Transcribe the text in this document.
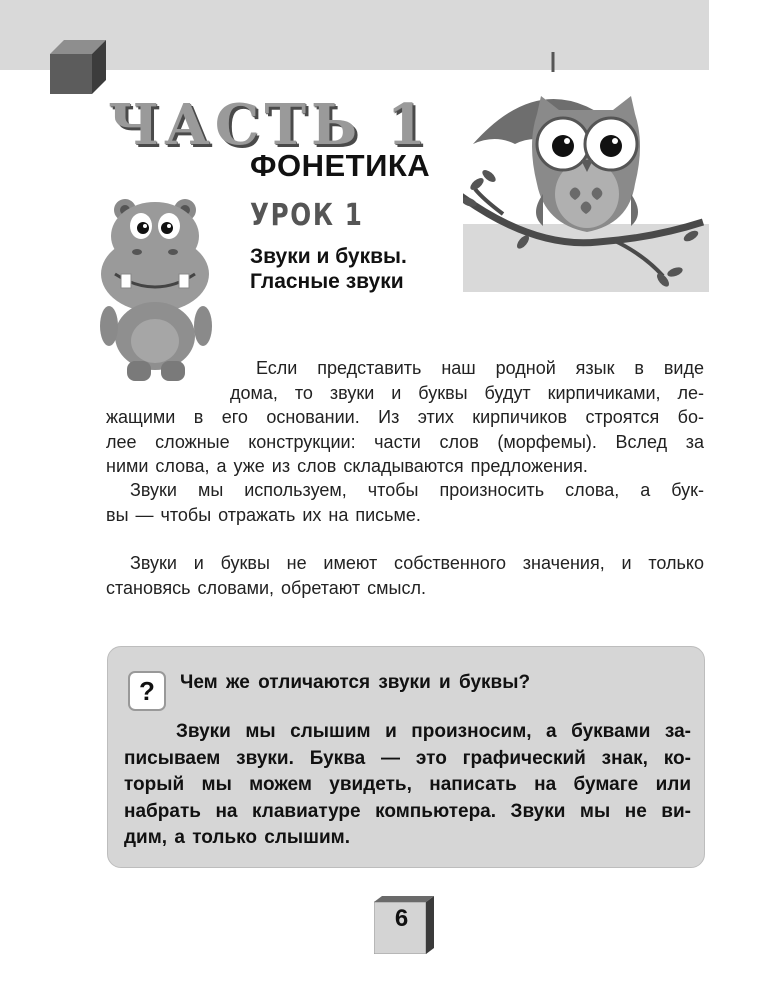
ЧАСТЬ 1
ФОНЕТИКА
УРОК 1
Звуки и буквы.
Гласные звуки
Если представить наш родной язык в виде
дома, то звуки и буквы будут кирпичиками, ле-
жащими в его основании. Из этих кирпичиков строятся бо-
лее сложные конструкции: части слов (морфемы). Вслед за
ними слова, а уже из слов складываются предложения.
Звуки мы используем, чтобы произносить слова, а бук-
вы — чтобы отражать их на письме.
Звуки и буквы не имеют собственного значения, и только
становясь словами, обретают смысл.
?	Чем же отличаются звуки и буквы?
Звуки мы слышим и произносим, а буквами за-
писываем звуки. Буква — это графический знак, ко-
торый мы можем увидеть, написать на бумаге или
набрать на клавиатуре компьютера. Звуки мы не ви-
дим, а только слышим.
6
